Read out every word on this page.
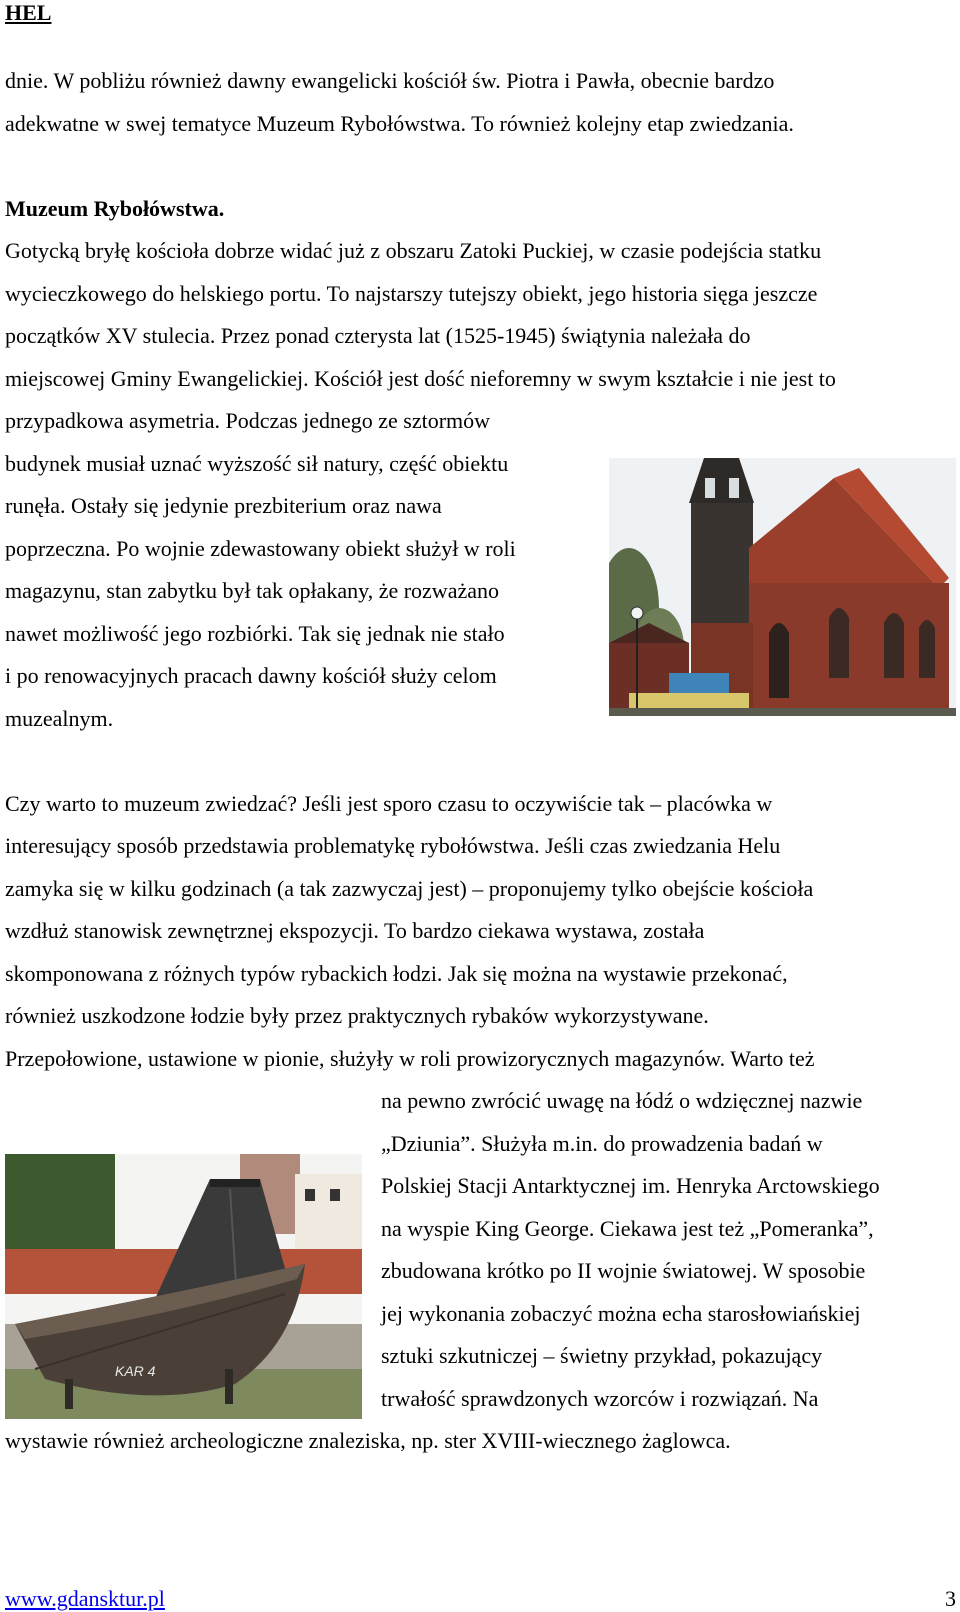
HEL
dnie. W pobliżu również dawny ewangelicki kościół św. Piotra i Pawła, obecnie bardzo
adekwatne w swej tematyce Muzeum Rybołówstwa. To również kolejny etap zwiedzania.
Muzeum Rybołówstwa.
Gotycką bryłę kościoła dobrze widać już z obszaru Zatoki Puckiej, w czasie podejścia statku
wycieczkowego do helskiego portu. To najstarszy tutejszy obiekt, jego historia sięga jeszcze
początków XV stulecia. Przez ponad czterysta lat (1525-1945) świątynia należała do
miejscowej Gminy Ewangelickiej. Kościół jest dość nieforemny w swym kształcie i nie jest to
przypadkowa asymetria. Podczas jednego ze sztormów
budynek musiał uznać wyższość sił natury, część obiektu
runęła. Ostały się jedynie prezbiterium oraz nawa
poprzeczna. Po wojnie zdewastowany obiekt służył w roli
magazynu, stan zabytku był tak opłakany, że rozważano
nawet możliwość jego rozbiórki. Tak się jednak nie stało
i po renowacyjnych pracach dawny kościół służy celom
muzealnym.
Czy warto to muzeum zwiedzać? Jeśli jest sporo czasu to oczywiście tak – placówka w
interesujący sposób przedstawia problematykę rybołówstwa. Jeśli czas zwiedzania Helu
zamyka się w kilku godzinach (a tak zazwyczaj jest) – proponujemy tylko obejście kościoła
wzdłuż stanowisk zewnętrznej ekspozycji. To bardzo ciekawa wystawa, została
skomponowana z różnych typów rybackich łodzi. Jak się można na wystawie przekonać,
również uszkodzone łodzie były przez praktycznych rybaków wykorzystywane.
Przepołowione, ustawione w pionie, służyły w roli prowizorycznych magazynów. Warto też
na pewno zwrócić uwagę na łódź o wdzięcznej nazwie
„Dziunia”. Służyła m.in. do prowadzenia badań w
Polskiej Stacji Antarktycznej im. Henryka Arctowskiego
na wyspie King George. Ciekawa jest też „Pomeranka”,
zbudowana krótko po II wojnie światowej. W sposobie
jej wykonania zobaczyć można echa starosłowiańskiej
sztuki szkutniczej – świetny przykład, pokazujący
trwałość sprawdzonych wzorców i rozwiązań. Na
wystawie również archeologiczne znaleziska, np. ster XVIII-wiecznego żaglowca.
KAR 4
www.gdansktur.pl	3
